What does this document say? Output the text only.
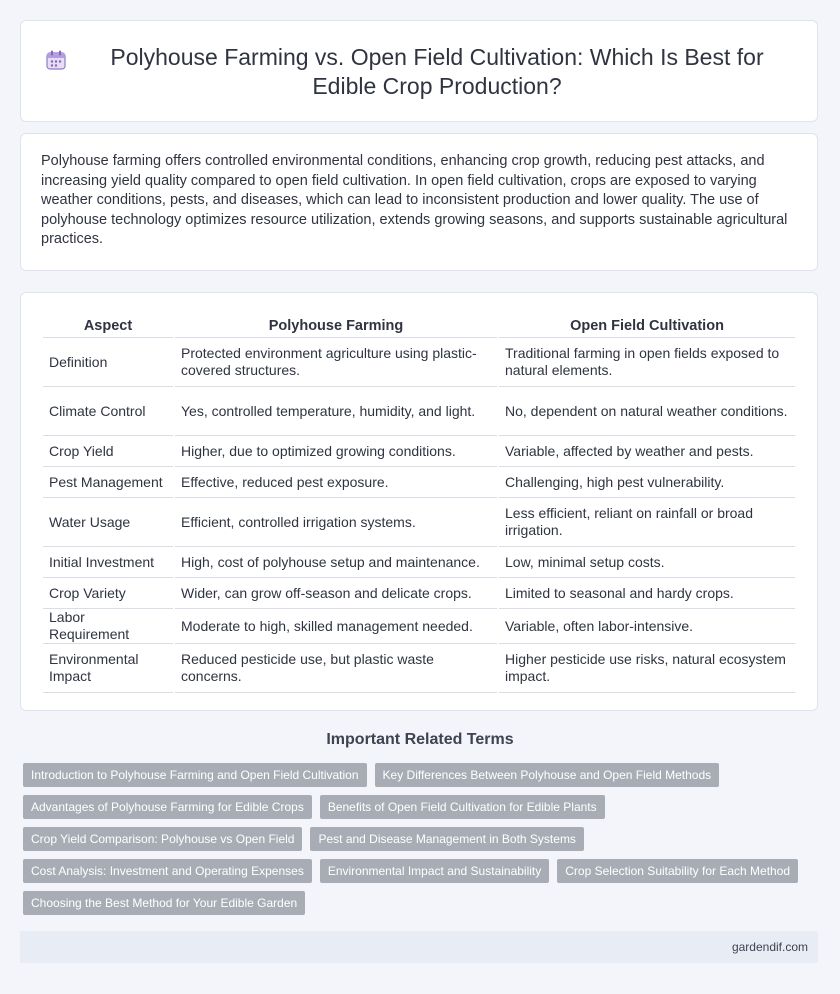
Polyhouse Farming vs. Open Field Cultivation: Which Is Best for Edible Crop Production?

Polyhouse farming offers controlled environmental conditions, enhancing crop growth, reducing pest attacks, and increasing yield quality compared to open field cultivation. In open field cultivation, crops are exposed to varying weather conditions, pests, and diseases, which can lead to inconsistent production and lower quality. The use of polyhouse technology optimizes resource utilization, extends growing seasons, and supports sustainable agricultural practices.

Aspect	Polyhouse Farming	Open Field Cultivation
Definition	Protected environment agriculture using plastic-covered structures.	Traditional farming in open fields exposed to natural elements.
Climate Control	Yes, controlled temperature, humidity, and light.	No, dependent on natural weather conditions.
Crop Yield	Higher, due to optimized growing conditions.	Variable, affected by weather and pests.
Pest Management	Effective, reduced pest exposure.	Challenging, high pest vulnerability.
Water Usage	Efficient, controlled irrigation systems.	Less efficient, reliant on rainfall or broad irrigation.
Initial Investment	High, cost of polyhouse setup and maintenance.	Low, minimal setup costs.
Crop Variety	Wider, can grow off-season and delicate crops.	Limited to seasonal and hardy crops.
Labor Requirement	Moderate to high, skilled management needed.	Variable, often labor-intensive.
Environmental Impact	Reduced pesticide use, but plastic waste concerns.	Higher pesticide use risks, natural ecosystem impact.
Important Related Terms
Introduction to Polyhouse Farming and Open Field Cultivation	Key Differences Between Polyhouse and Open Field Methods
Advantages of Polyhouse Farming for Edible Crops	Benefits of Open Field Cultivation for Edible Plants
Crop Yield Comparison: Polyhouse vs Open Field	Pest and Disease Management in Both Systems
Cost Analysis: Investment and Operating Expenses	Environmental Impact and Sustainability	Crop Selection Suitability for Each Method
Choosing the Best Method for Your Edible Garden
gardendif.com
